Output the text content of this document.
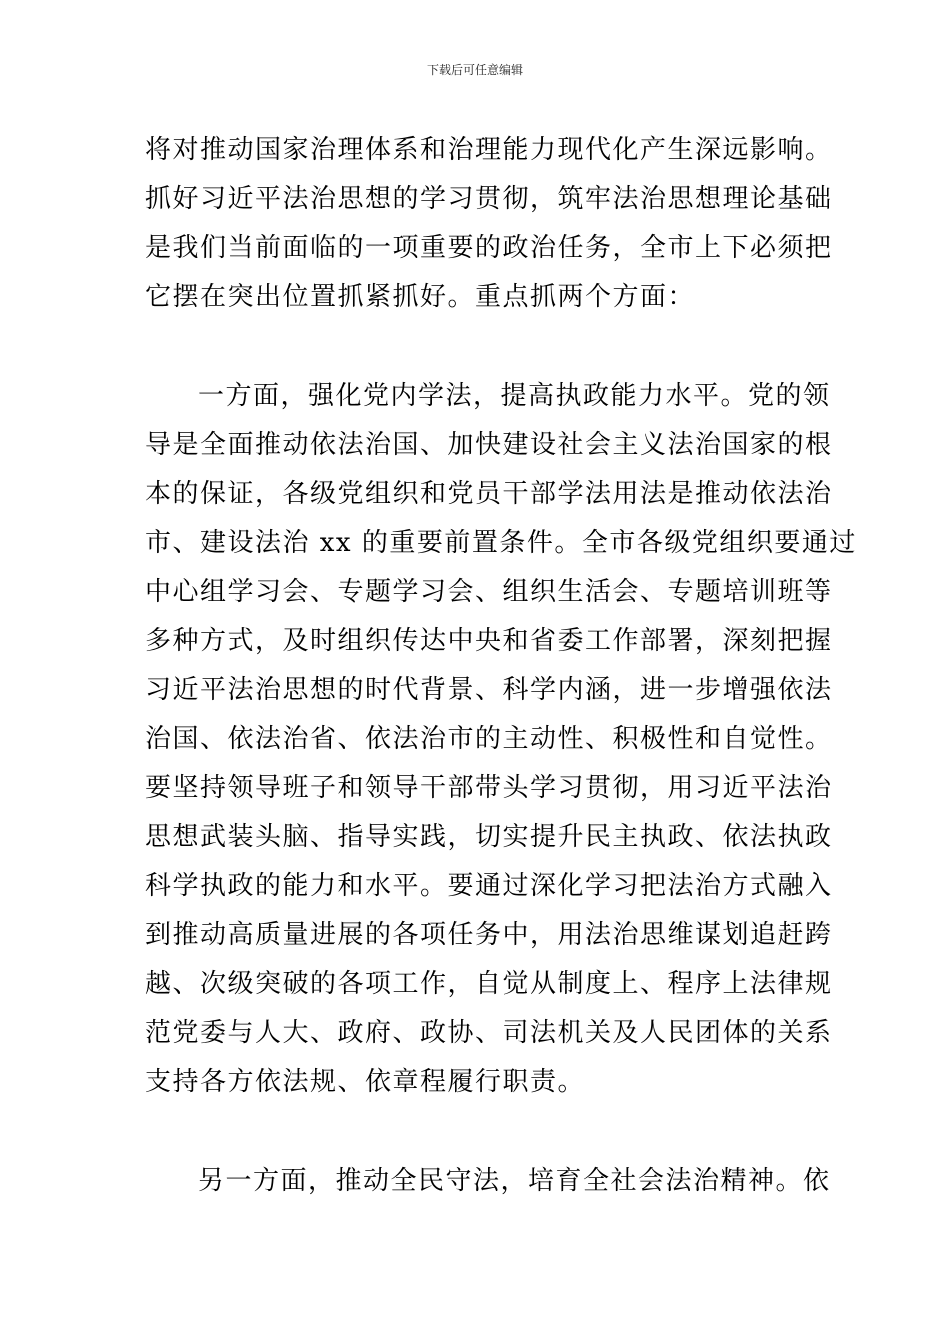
下载后可任意编辑
将对推动国家治理体系和治理能力现代化产生深远影响。
抓好习近平法治思想的学习贯彻，筑牢法治思想理论基础
是我们当前面临的一项重要的政治任务，全市上下必须把
它摆在突出位置抓紧抓好。重点抓两个方面：
一方面，强化党内学法，提高执政能力水平。党的领
导是全面推动依法治国、加快建设社会主义法治国家的根
本的保证，各级党组织和党员干部学法用法是推动依法治
市、建设法治 xx 的重要前置条件。全市各级党组织要通过
中心组学习会、专题学习会、组织生活会、专题培训班等
多种方式，及时组织传达中央和省委工作部署，深刻把握
习近平法治思想的时代背景、科学内涵，进一步增强依法
治国、依法治省、依法治市的主动性、积极性和自觉性。
要坚持领导班子和领导干部带头学习贯彻，用习近平法治
思想武装头脑、指导实践，切实提升民主执政、依法执政
科学执政的能力和水平。要通过深化学习把法治方式融入
到推动高质量进展的各项任务中，用法治思维谋划追赶跨
越、次级突破的各项工作，自觉从制度上、程序上法律规
范党委与人大、政府、政协、司法机关及人民团体的关系
支持各方依法规、依章程履行职责。
另一方面，推动全民守法，培育全社会法治精神。依
